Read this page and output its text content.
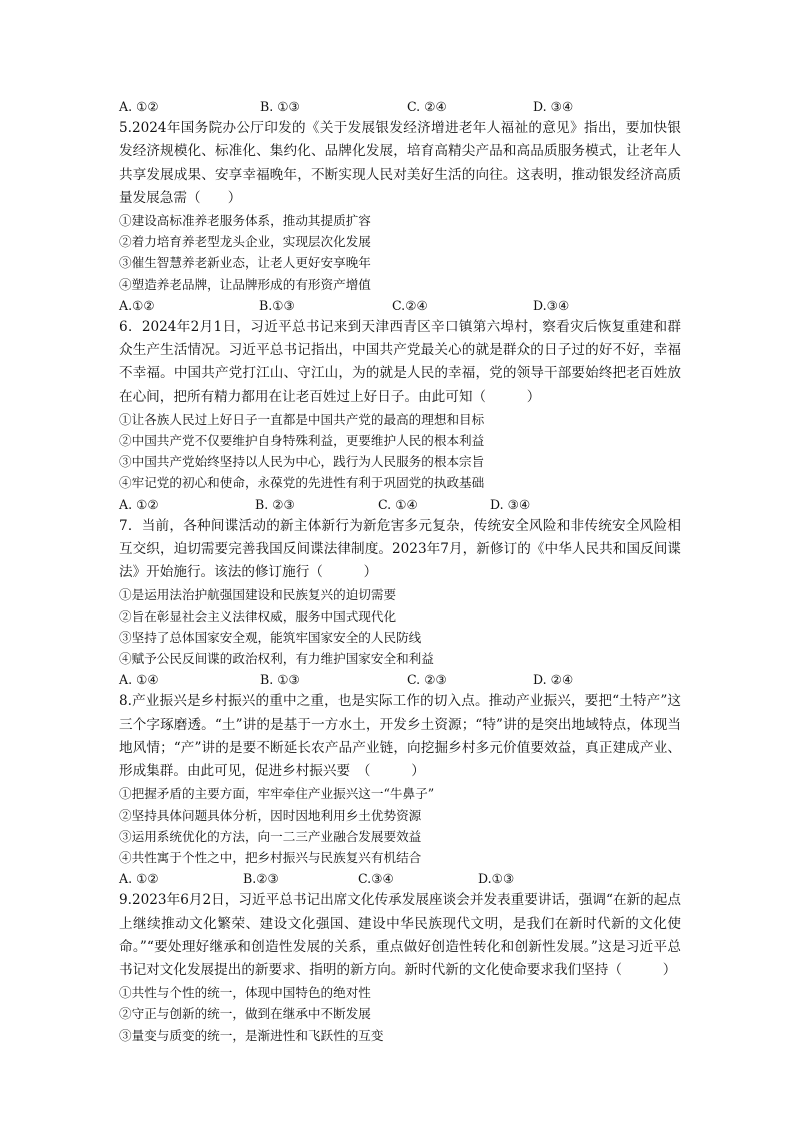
A. ①②	B. ①③	C. ②④	D. ③④
5.2024年国务院办公厅印发的《关于发展银发经济增进老年人福祉的意见》指出，要加快银发经济规模化、标准化、集约化、品牌化发展，培育高精尖产品和高品质服务模式，让老年人共享发展成果、安享幸福晚年，不断实现人民对美好生活的向往。这表明，推动银发经济高质量发展急需（　　）
①建设高标准养老服务体系，推动其提质扩容
②着力培育养老型龙头企业，实现层次化发展
③催生智慧养老新业态，让老人更好安享晚年
④塑造养老品牌，让品牌形成的有形资产增值
A.①②	B.①③	C.②④	D.③④
6．2024年2月1日，习近平总书记来到天津西青区辛口镇第六埠村，察看灾后恢复重建和群众生产生活情况。习近平总书记指出，中国共产党最关心的就是群众的日子过的好不好，幸福不幸福。中国共产党打江山、守江山，为的就是人民的幸福，党的领导干部要始终把老百姓放在心间，把所有精力都用在让老百姓过上好日子。由此可知（　　　）
①让各族人民过上好日子一直都是中国共产党的最高的理想和目标
②中国共产党不仅要维护自身特殊利益，更要维护人民的根本利益
③中国共产党始终坚持以人民为中心，践行为人民服务的根本宗旨
④牢记党的初心和使命，永葆党的先进性有利于巩固党的执政基础
A. ①②	B. ②③	C. ①④	D. ③④
7．当前，各种间谍活动的新主体新行为新危害多元复杂，传统安全风险和非传统安全风险相互交织，迫切需要完善我国反间谍法律制度。2023年7月，新修订的《中华人民共和国反间谍法》开始施行。该法的修订施行（　　　）
①是运用法治护航强国建设和民族复兴的迫切需要
②旨在彰显社会主义法律权威，服务中国式现代化
③坚持了总体国家安全观，能筑牢国家安全的人民防线
④赋予公民反间谍的政治权利，有力维护国家安全和利益
A. ①④	B. ①③	C. ②③	D. ②④
8.产业振兴是乡村振兴的重中之重，也是实际工作的切入点。推动产业振兴，要把“土特产”这三个字琢磨透。“土”讲的是基于一方水土，开发乡土资源；“特”讲的是突出地域特点，体现当地风情；“产”讲的是要不断延长农产品产业链，向挖掘乡村多元价值要效益，真正建成产业、形成集群。由此可见，促进乡村振兴要　（　　　）
①把握矛盾的主要方面，牢牢牵住产业振兴这一“牛鼻子”
②坚持具体问题具体分析，因时因地利用乡土优势资源
③运用系统优化的方法，向一二三产业融合发展要效益
④共性寓于个性之中，把乡村振兴与民族复兴有机结合
A. ①②	B.②③	C.③④	D.①③
9.2023年6月2日，习近平总书记出席文化传承发展座谈会并发表重要讲话，强调“在新的起点上继续推动文化繁荣、建设文化强国、建设中华民族现代文明，是我们在新时代新的文化使命。”“要处理好继承和创造性发展的关系，重点做好创造性转化和创新性发展。”这是习近平总书记对文化发展提出的新要求、指明的新方向。新时代新的文化使命要求我们坚持（　　　）
①共性与个性的统一，体现中国特色的绝对性
②守正与创新的统一，做到在继承中不断发展
③量变与质变的统一，是渐进性和飞跃性的互变
